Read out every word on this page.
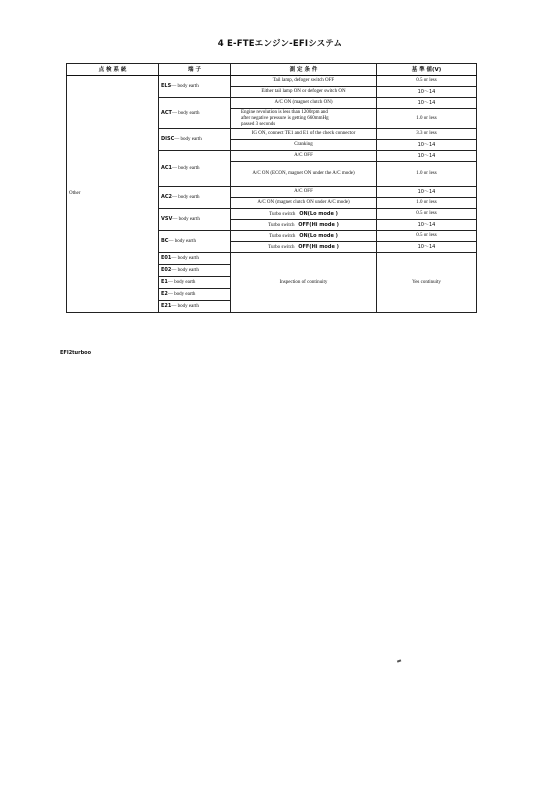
4 E-FTEエンジン-EFIシステム
点 検 系 統	端 子	測 定 条 件	基 準 値(V)
Other	ELS― body earth	Tail lamp, defoger switch OFF	0.5 or less
		Either tail lamp ON or defoger switch ON	10～14
	ACT― body earth	A/C ON (magnet clutch ON)	10～14

		Engine revolution is less than 1200rpm and
after negative pressure is getting 660mmHg
passed 3 seconds	1.0 or less
	DISC― body earth	IG ON, connect TE1 and E1 of the check connector	3.3 or less
		Cranking	10～14
	AC1― body earth	A/C OFF	10～14
		A/C ON (ECON, magnet ON under the A/C mode)	1.0 or less
	AC2― body earth	A/C OFF	10～14
		A/C ON (magnet clutch ON under A/C mode)	1.0 or less
	VSV― body earth	Turbo switch ON(Lo mode )	0.5 or less
		Turbo switch OFF(Hi mode )	10～14
	BC― body earth	Turbo switch ON(Lo mode )	0.5 or less
		Turbo switch OFF(Hi mode )	10～14
	E01― body earth	Inspection of continuity	Yes continuity
	E02― body earth		
	E1― body earth		
	E2― body earth		
	E21― body earth		
EFI2turboo
